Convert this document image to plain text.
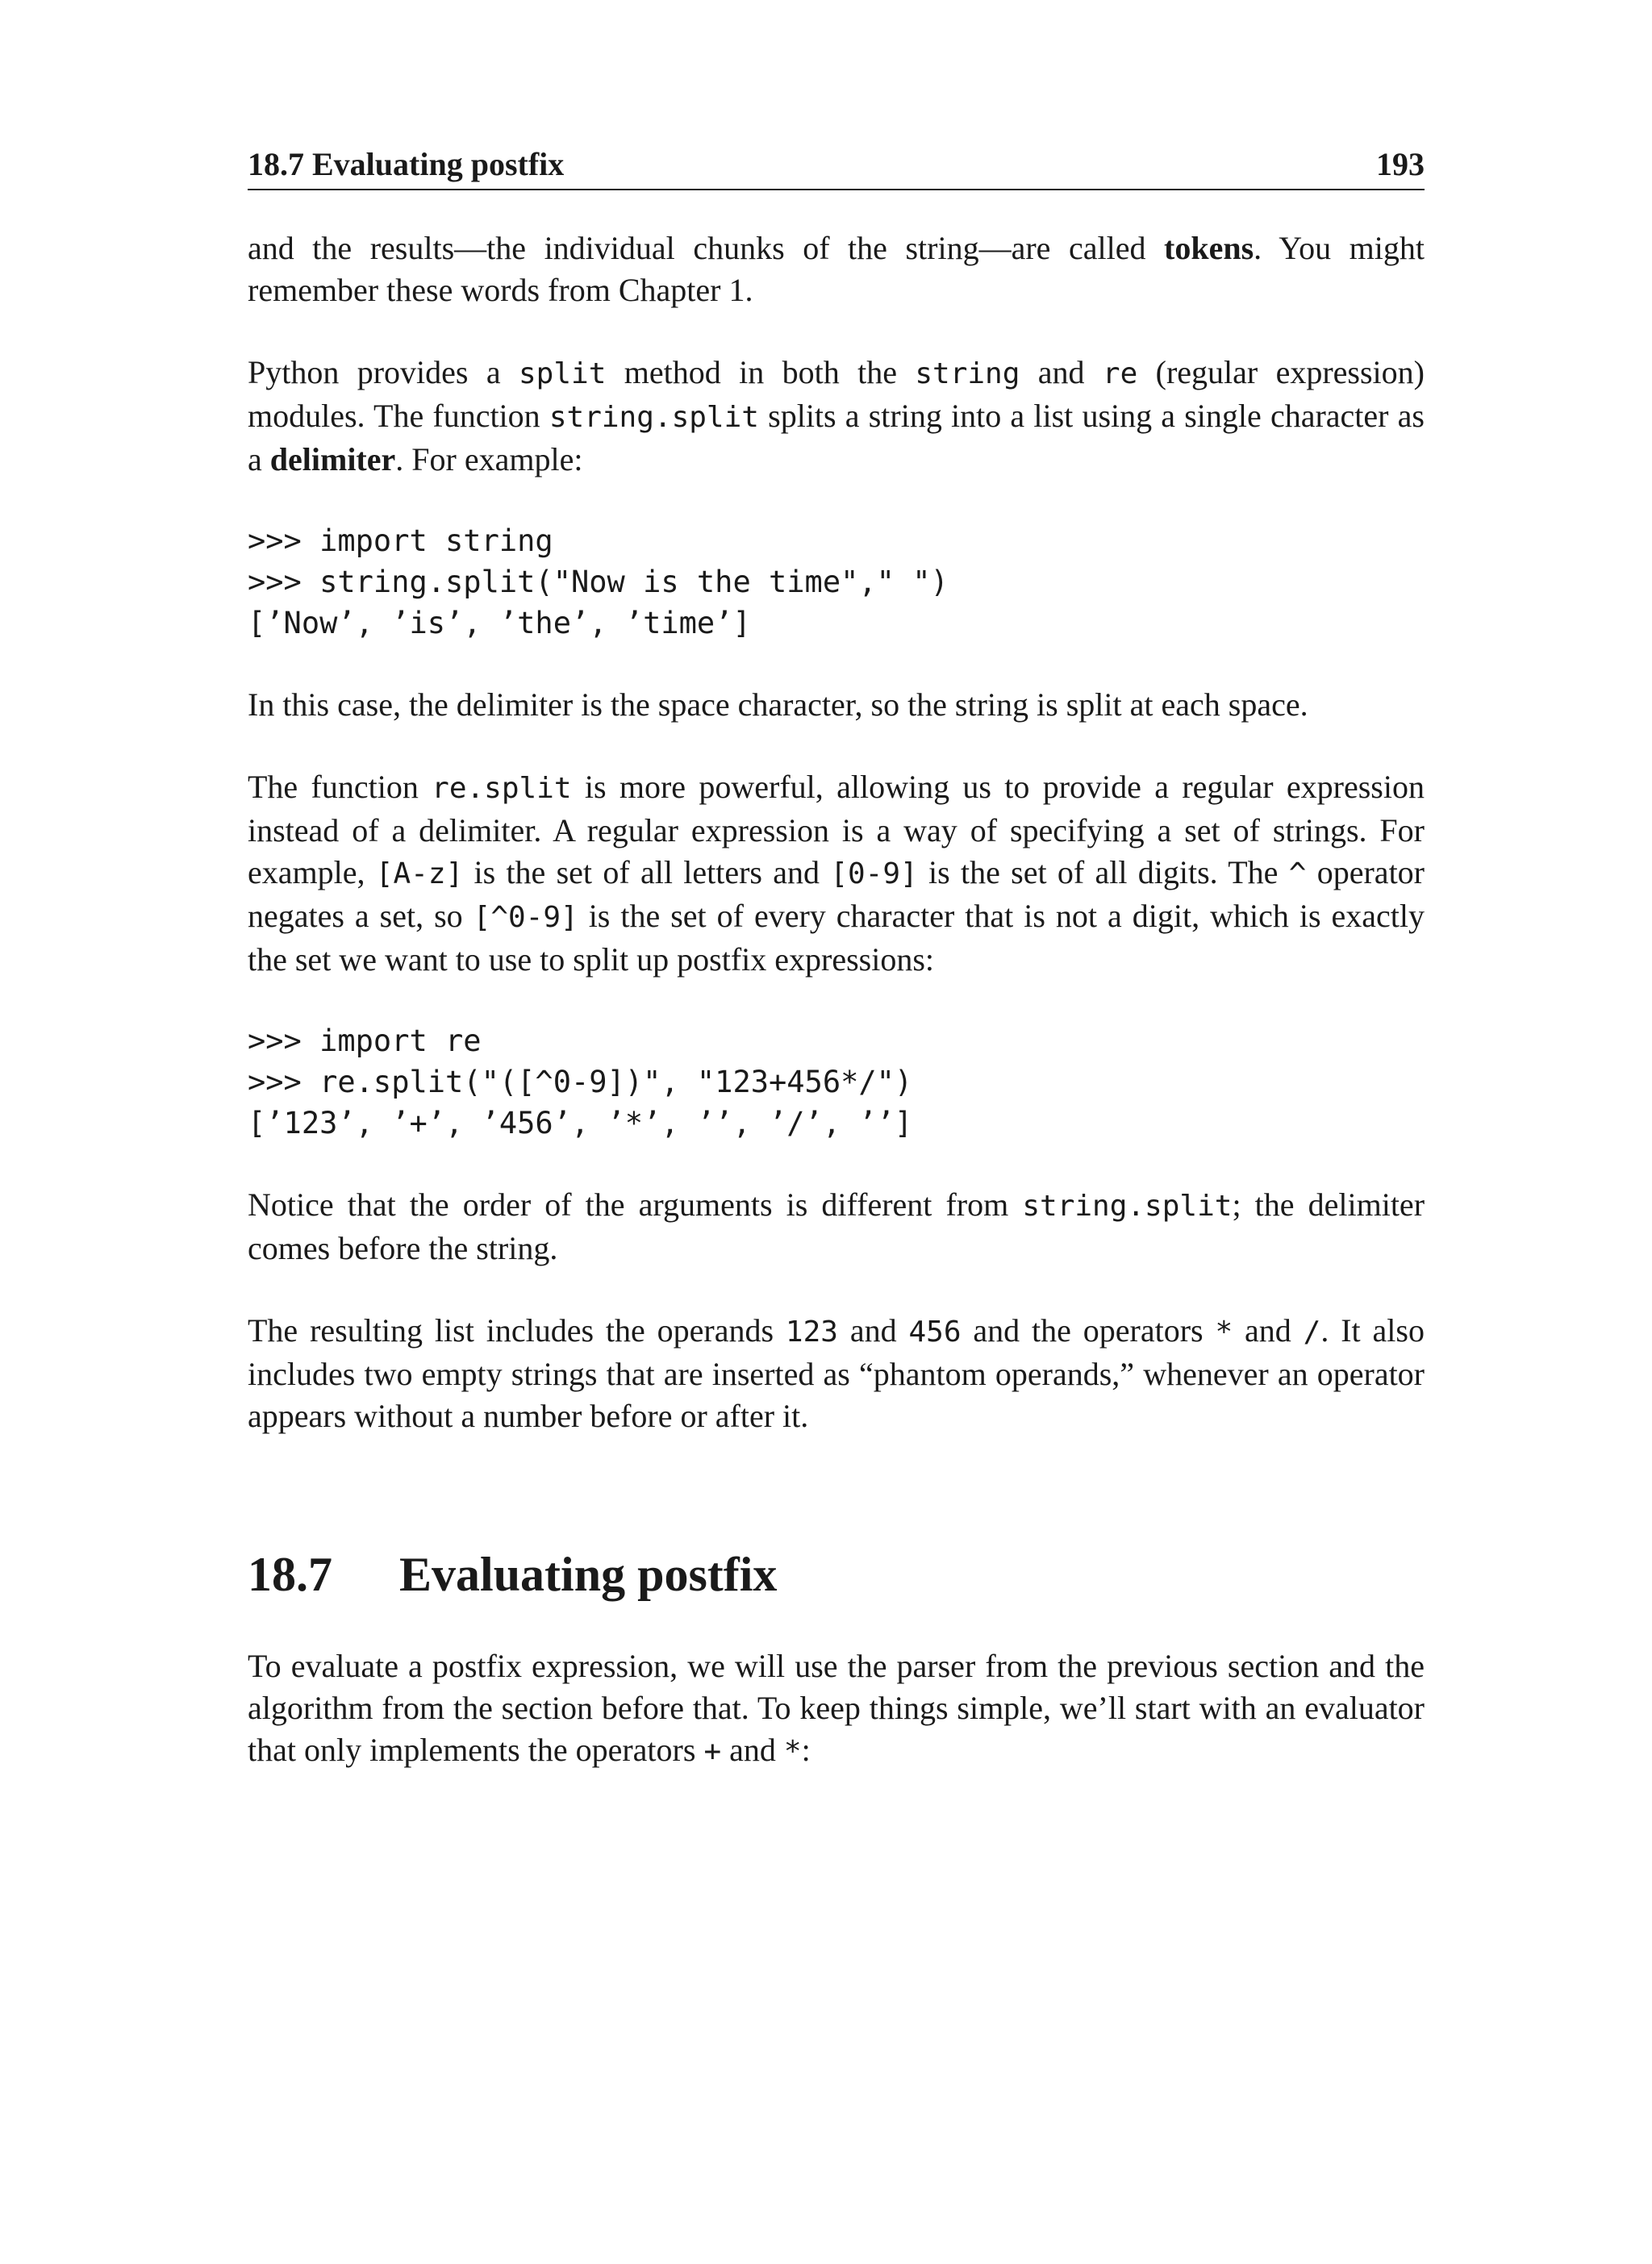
18.7 Evaluating postfix	193

and the results—the individual chunks of the string—are called tokens. You might remember these words from Chapter 1.

Python provides a split method in both the string and re (regular expression) modules. The function string.split splits a string into a list using a single character as a delimiter. For example:

>>> import string
>>> string.split("Now is the time"," ")
[’Now’, ’is’, ’the’, ’time’]

In this case, the delimiter is the space character, so the string is split at each space.

The function re.split is more powerful, allowing us to provide a regular expression instead of a delimiter. A regular expression is a way of specifying a set of strings. For example, [A-z] is the set of all letters and [0-9] is the set of all digits. The ^ operator negates a set, so [^0-9] is the set of every character that is not a digit, which is exactly the set we want to use to split up postfix expressions:

>>> import re
>>> re.split("([^0-9])", "123+456*/")
[’123’, ’+’, ’456’, ’*’, ’’, ’/’, ’’]

Notice that the order of the arguments is different from string.split; the delimiter comes before the string.

The resulting list includes the operands 123 and 456 and the operators * and /. It also includes two empty strings that are inserted as “phantom operands,” whenever an operator appears without a number before or after it.

18.7	Evaluating postfix

To evaluate a postfix expression, we will use the parser from the previous section and the algorithm from the section before that. To keep things simple, we’ll start with an evaluator that only implements the operators + and *:
